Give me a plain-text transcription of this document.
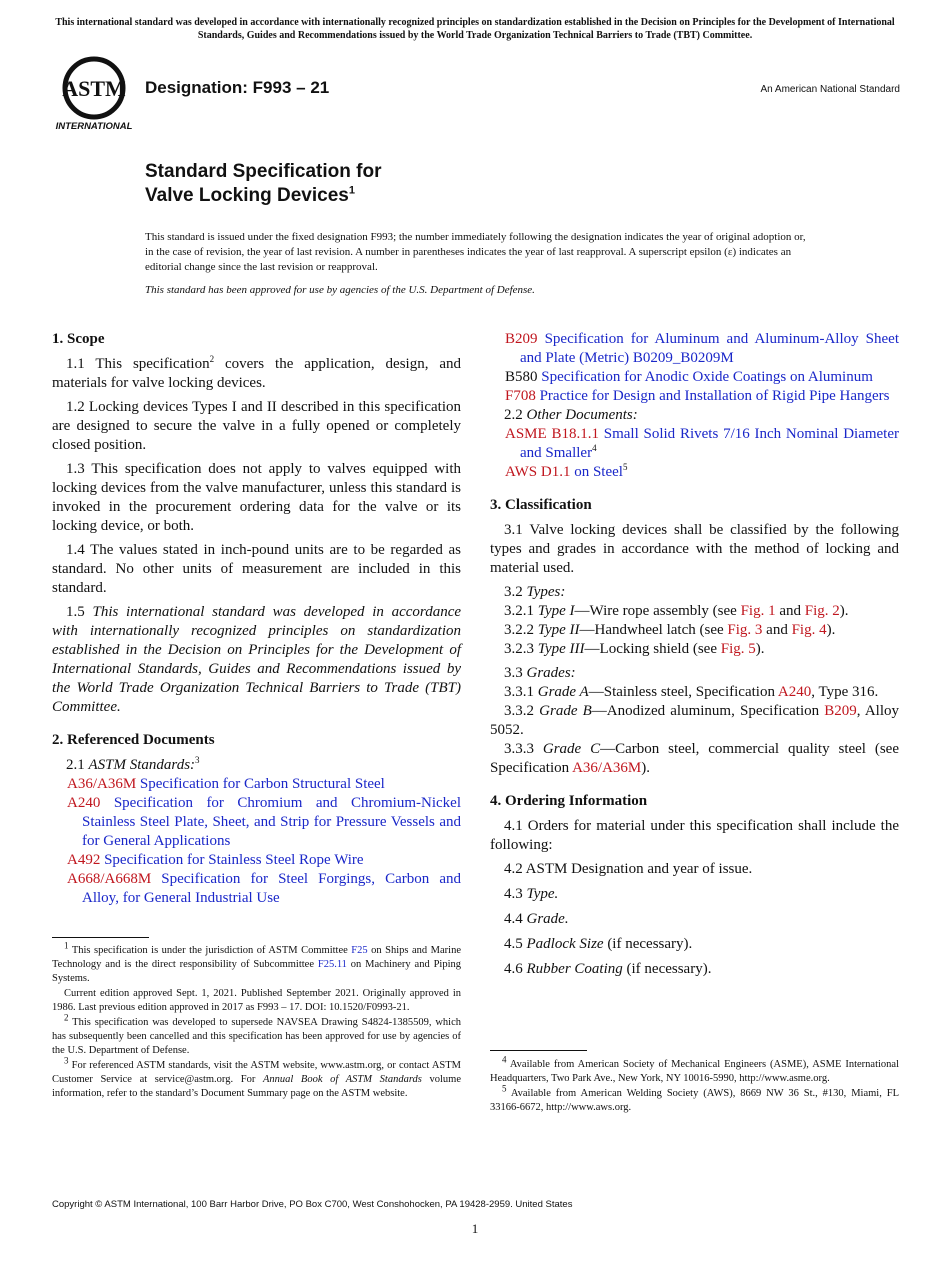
This international standard was developed in accordance with internationally recognized principles on standardization established in the Decision on Principles for the Development of International Standards, Guides and Recommendations issued by the World Trade Organization Technical Barriers to Trade (TBT) Committee.
ASTM
INTERNATIONAL
Designation: F993 – 21	An American National Standard
Standard Specification for
Valve Locking Devices$^1$
This standard is issued under the fixed designation F993; the number immediately following the designation indicates the year of original adoption or, in the case of revision, the year of last revision. A number in parentheses indicates the year of last reapproval. A superscript epsilon (ε) indicates an editorial change since the last revision or reapproval.
This standard has been approved for use by agencies of the U.S. Department of Defense.
1. Scope

1.1 This specification$^2$ covers the application, design, and materials for valve locking devices.

1.2 Locking devices Types I and II described in this specification are designed to secure the valve in a fully opened or completely closed position.

1.3 This specification does not apply to valves equipped with locking devices from the valve manufacturer, unless this standard is invoked in the procurement ordering data for the valve or its locking device, or both.

1.4 The values stated in inch-pound units are to be regarded as standard. No other units of measurement are included in this standard.

1.5 This international standard was developed in accordance with internationally recognized principles on standardization established in the Decision on Principles for the Development of International Standards, Guides and Recommendations issued by the World Trade Organization Technical Barriers to Trade (TBT) Committee.

2. Referenced Documents
2.1 ASTM Standards:$^3$
A36/A36M Specification for Carbon Structural Steel
A240 Specification for Chromium and Chromium-Nickel Stainless Steel Plate, Sheet, and Strip for Pressure Vessels and for General Applications
A492 Specification for Stainless Steel Rope Wire
A668/A668M Specification for Steel Forgings, Carbon and Alloy, for General Industrial Use

$^1$ This specification is under the jurisdiction of ASTM Committee F25 on Ships and Marine Technology and is the direct responsibility of Subcommittee F25.11 on Machinery and Piping Systems.

Current edition approved Sept. 1, 2021. Published September 2021. Originally approved in 1986. Last previous edition approved in 2017 as F993 – 17. DOI: 10.1520/F0993-21.

$^2$ This specification was developed to supersede NAVSEA Drawing S4824-1385509, which has subsequently been cancelled and this specification has been approved for use by agencies of the U.S. Department of Defense.

$^3$ For referenced ASTM standards, visit the ASTM website, www.astm.org, or contact ASTM Customer Service at service@astm.org. For Annual Book of ASTM Standards volume information, refer to the standard’s Document Summary page on the ASTM website.

B209 Specification for Aluminum and Aluminum-Alloy Sheet and Plate (Metric) B0209_B0209M
B580 Specification for Anodic Oxide Coatings on Aluminum
F708 Practice for Design and Installation of Rigid Pipe Hangers
2.2 Other Documents:
ASME B18.1.1 Small Solid Rivets 7/16 Inch Nominal Diameter and Smaller$^4$
AWS D1.1 on Steel$^5$
3. Classification

3.1 Valve locking devices shall be classified by the following types and grades in accordance with the method of locking and material used.

3.2 Types:
3.2.1 Type I—Wire rope assembly (see Fig. 1 and Fig. 2).
3.2.2 Type II—Handwheel latch (see Fig. 3 and Fig. 4).
3.2.3 Type III—Locking shield (see Fig. 5).
3.3 Grades:

3.3.1 Grade A—Stainless steel, Specification A240, Type 316.

3.3.2 Grade B—Anodized aluminum, Specification B209, Alloy 5052.

3.3.3 Grade C—Carbon steel, commercial quality steel (see Specification A36/A36M).

4. Ordering Information

4.1 Orders for material under this specification shall include the following:

4.2 ASTM Designation and year of issue.
4.3 Type.
4.4 Grade.
4.5 Padlock Size (if necessary).
4.6 Rubber Coating (if necessary).

$^4$ Available from American Society of Mechanical Engineers (ASME), ASME International Headquarters, Two Park Ave., New York, NY 10016-5990, http://www.asme.org.

$^5$ Available from American Welding Society (AWS), 8669 NW 36 St., #130, Miami, FL 33166-6672, http://www.aws.org.

Copyright © ASTM International, 100 Barr Harbor Drive, PO Box C700, West Conshohocken, PA 19428-2959. United States
1
